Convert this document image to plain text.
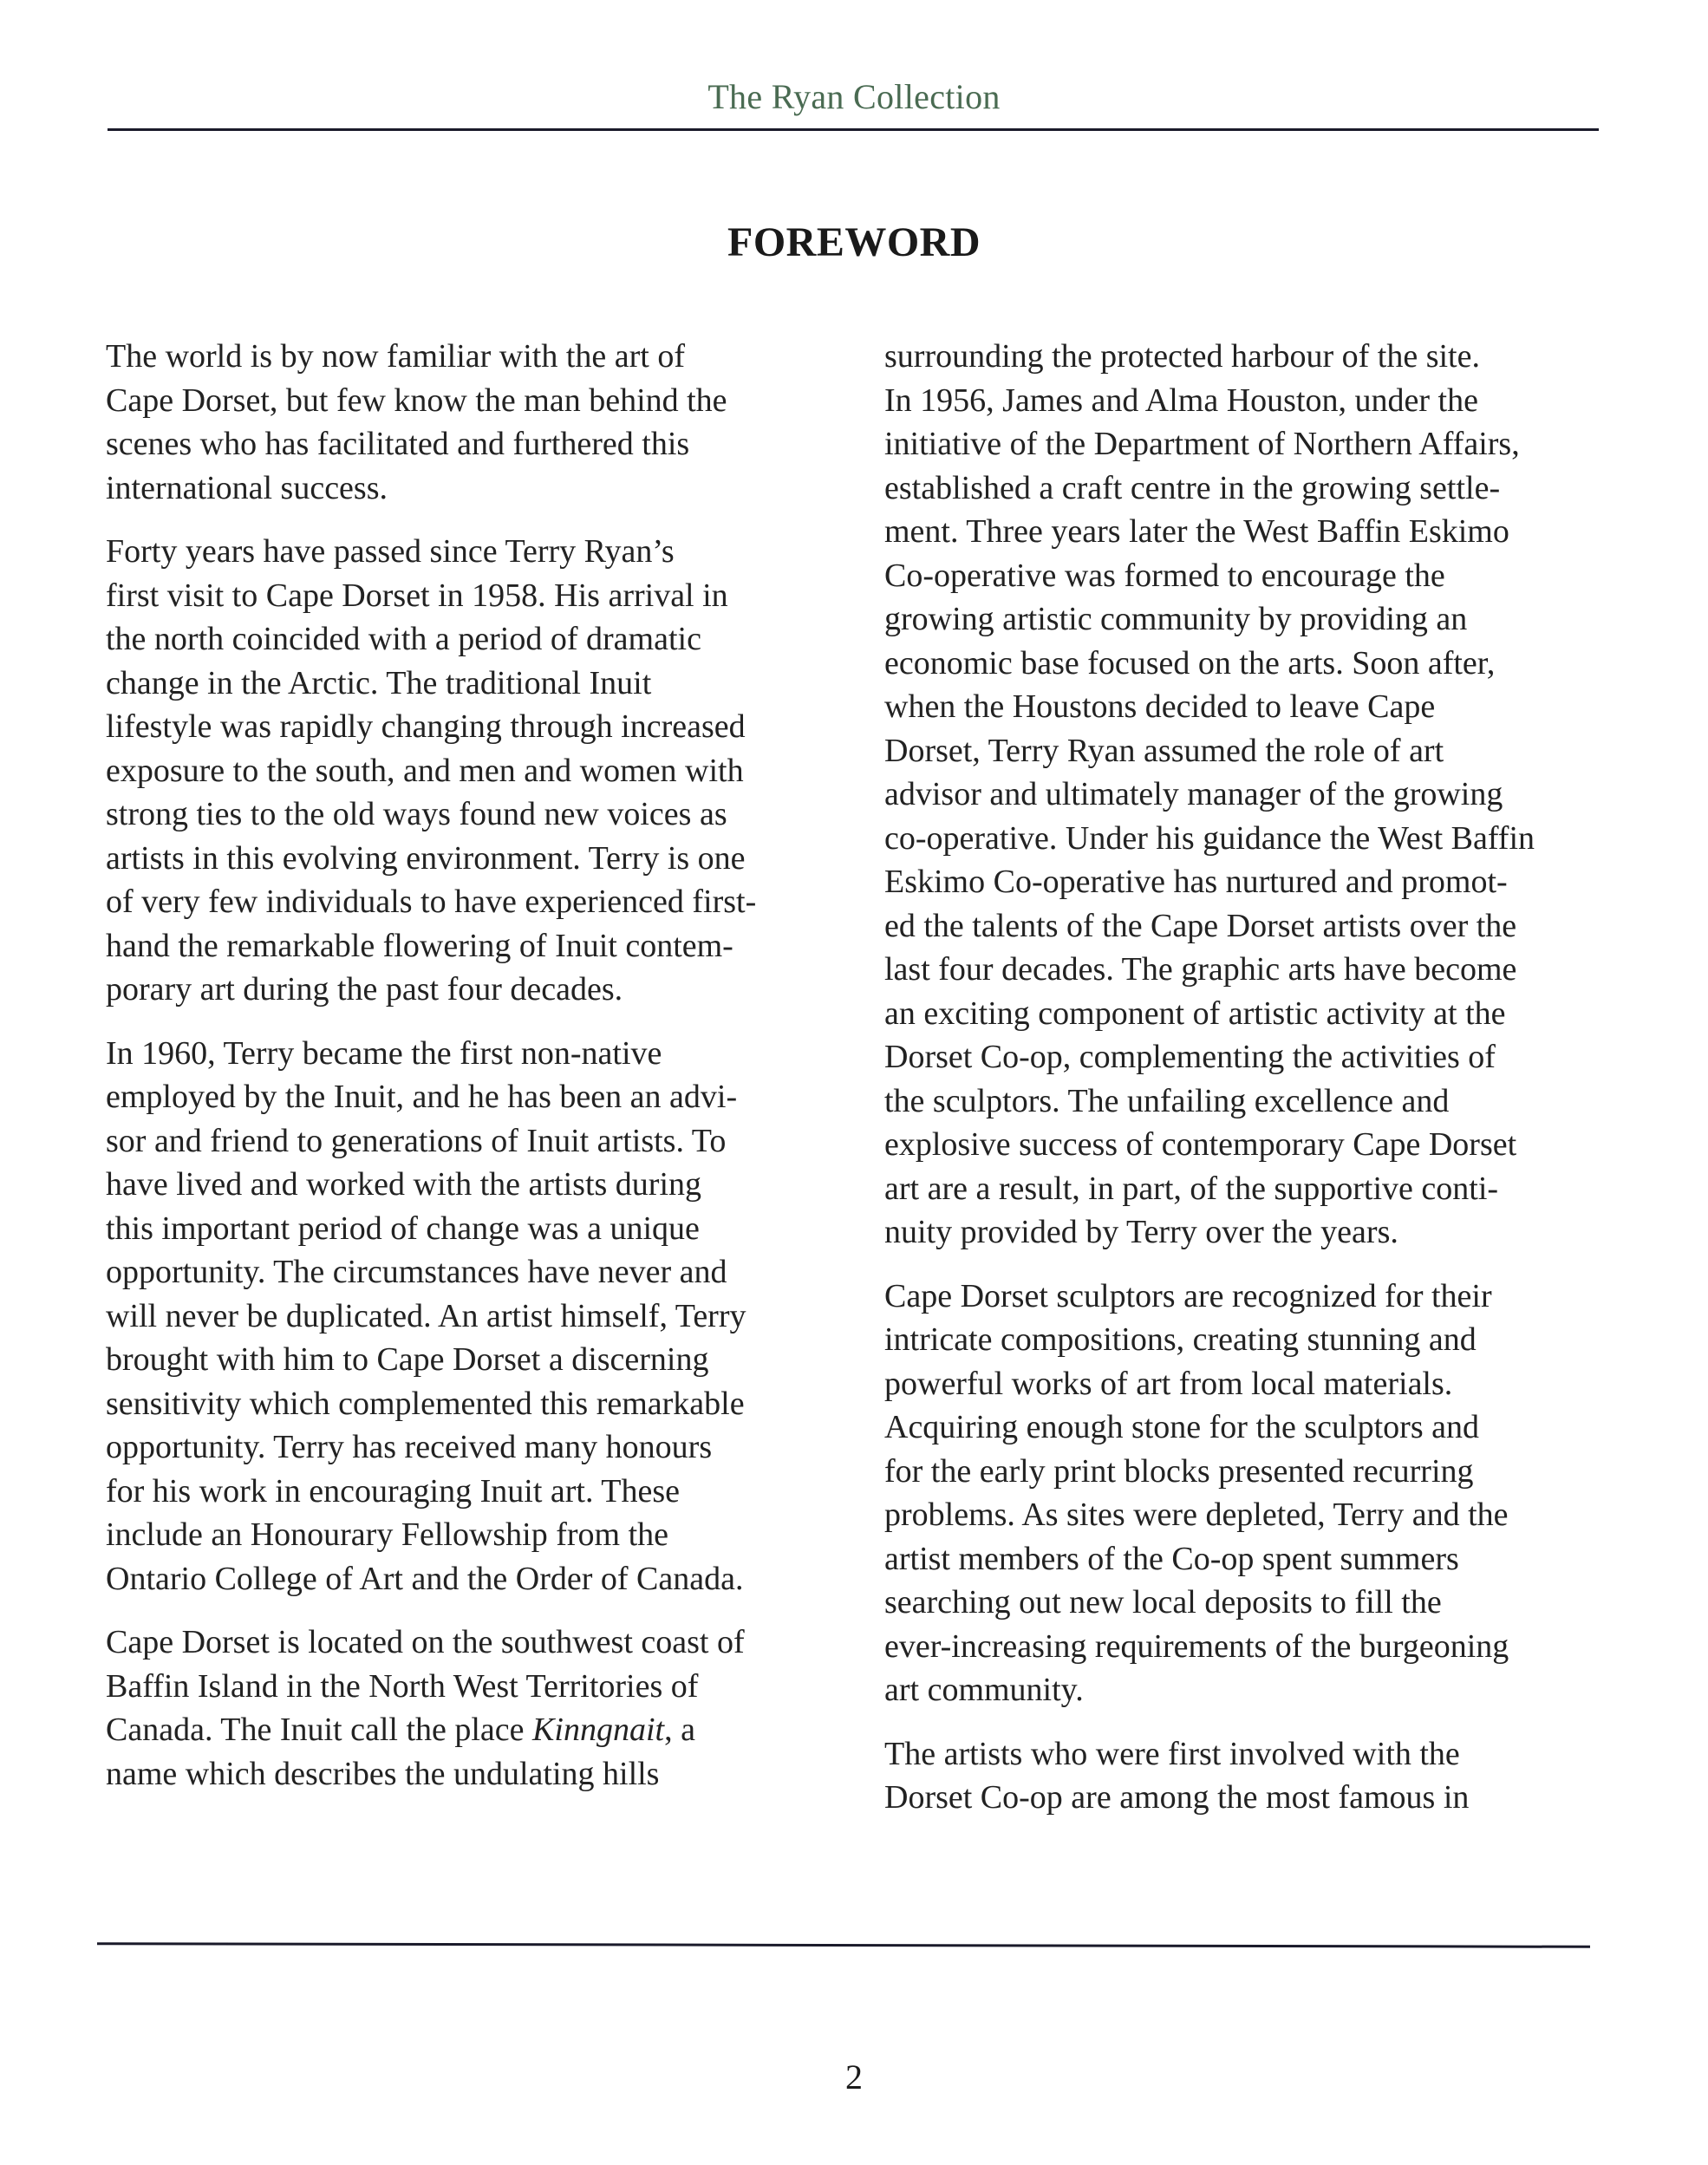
The Ryan Collection
FOREWORD

The world is by now familiar with the art of
Cape Dorset, but few know the man behind the
scenes who has facilitated and furthered this
international success.

Forty years have passed since Terry Ryan’s
first visit to Cape Dorset in 1958. His arrival in
the north coincided with a period of dramatic
change in the Arctic. The traditional Inuit
lifestyle was rapidly changing through increased
exposure to the south, and men and women with
strong ties to the old ways found new voices as
artists in this evolving environment. Terry is one
of very few individuals to have experienced first-
hand the remarkable flowering of Inuit contem-
porary art during the past four decades.

In 1960, Terry became the first non-native
employed by the Inuit, and he has been an advi-
sor and friend to generations of Inuit artists. To
have lived and worked with the artists during
this important period of change was a unique
opportunity. The circumstances have never and
will never be duplicated. An artist himself, Terry
brought with him to Cape Dorset a discerning
sensitivity which complemented this remarkable
opportunity. Terry has received many honours
for his work in encouraging Inuit art. These
include an Honourary Fellowship from the
Ontario College of Art and the Order of Canada.

Cape Dorset is located on the southwest coast of
Baffin Island in the North West Territories of
Canada. The Inuit call the place Kinngnait, a
name which describes the undulating hills

surrounding the protected harbour of the site.
In 1956, James and Alma Houston, under the
initiative of the Department of Northern Affairs,
established a craft centre in the growing settle-
ment. Three years later the West Baffin Eskimo
Co-operative was formed to encourage the
growing artistic community by providing an
economic base focused on the arts. Soon after,
when the Houstons decided to leave Cape
Dorset, Terry Ryan assumed the role of art
advisor and ultimately manager of the growing
co-operative. Under his guidance the West Baffin
Eskimo Co-operative has nurtured and promot-
ed the talents of the Cape Dorset artists over the
last four decades. The graphic arts have become
an exciting component of artistic activity at the
Dorset Co-op, complementing the activities of
the sculptors. The unfailing excellence and
explosive success of contemporary Cape Dorset
art are a result, in part, of the supportive conti-
nuity provided by Terry over the years.

Cape Dorset sculptors are recognized for their
intricate compositions, creating stunning and
powerful works of art from local materials.
Acquiring enough stone for the sculptors and
for the early print blocks presented recurring
problems. As sites were depleted, Terry and the
artist members of the Co-op spent summers
searching out new local deposits to fill the
ever-increasing requirements of the burgeoning
art community.

The artists who were first involved with the
Dorset Co-op are among the most famous in

2
